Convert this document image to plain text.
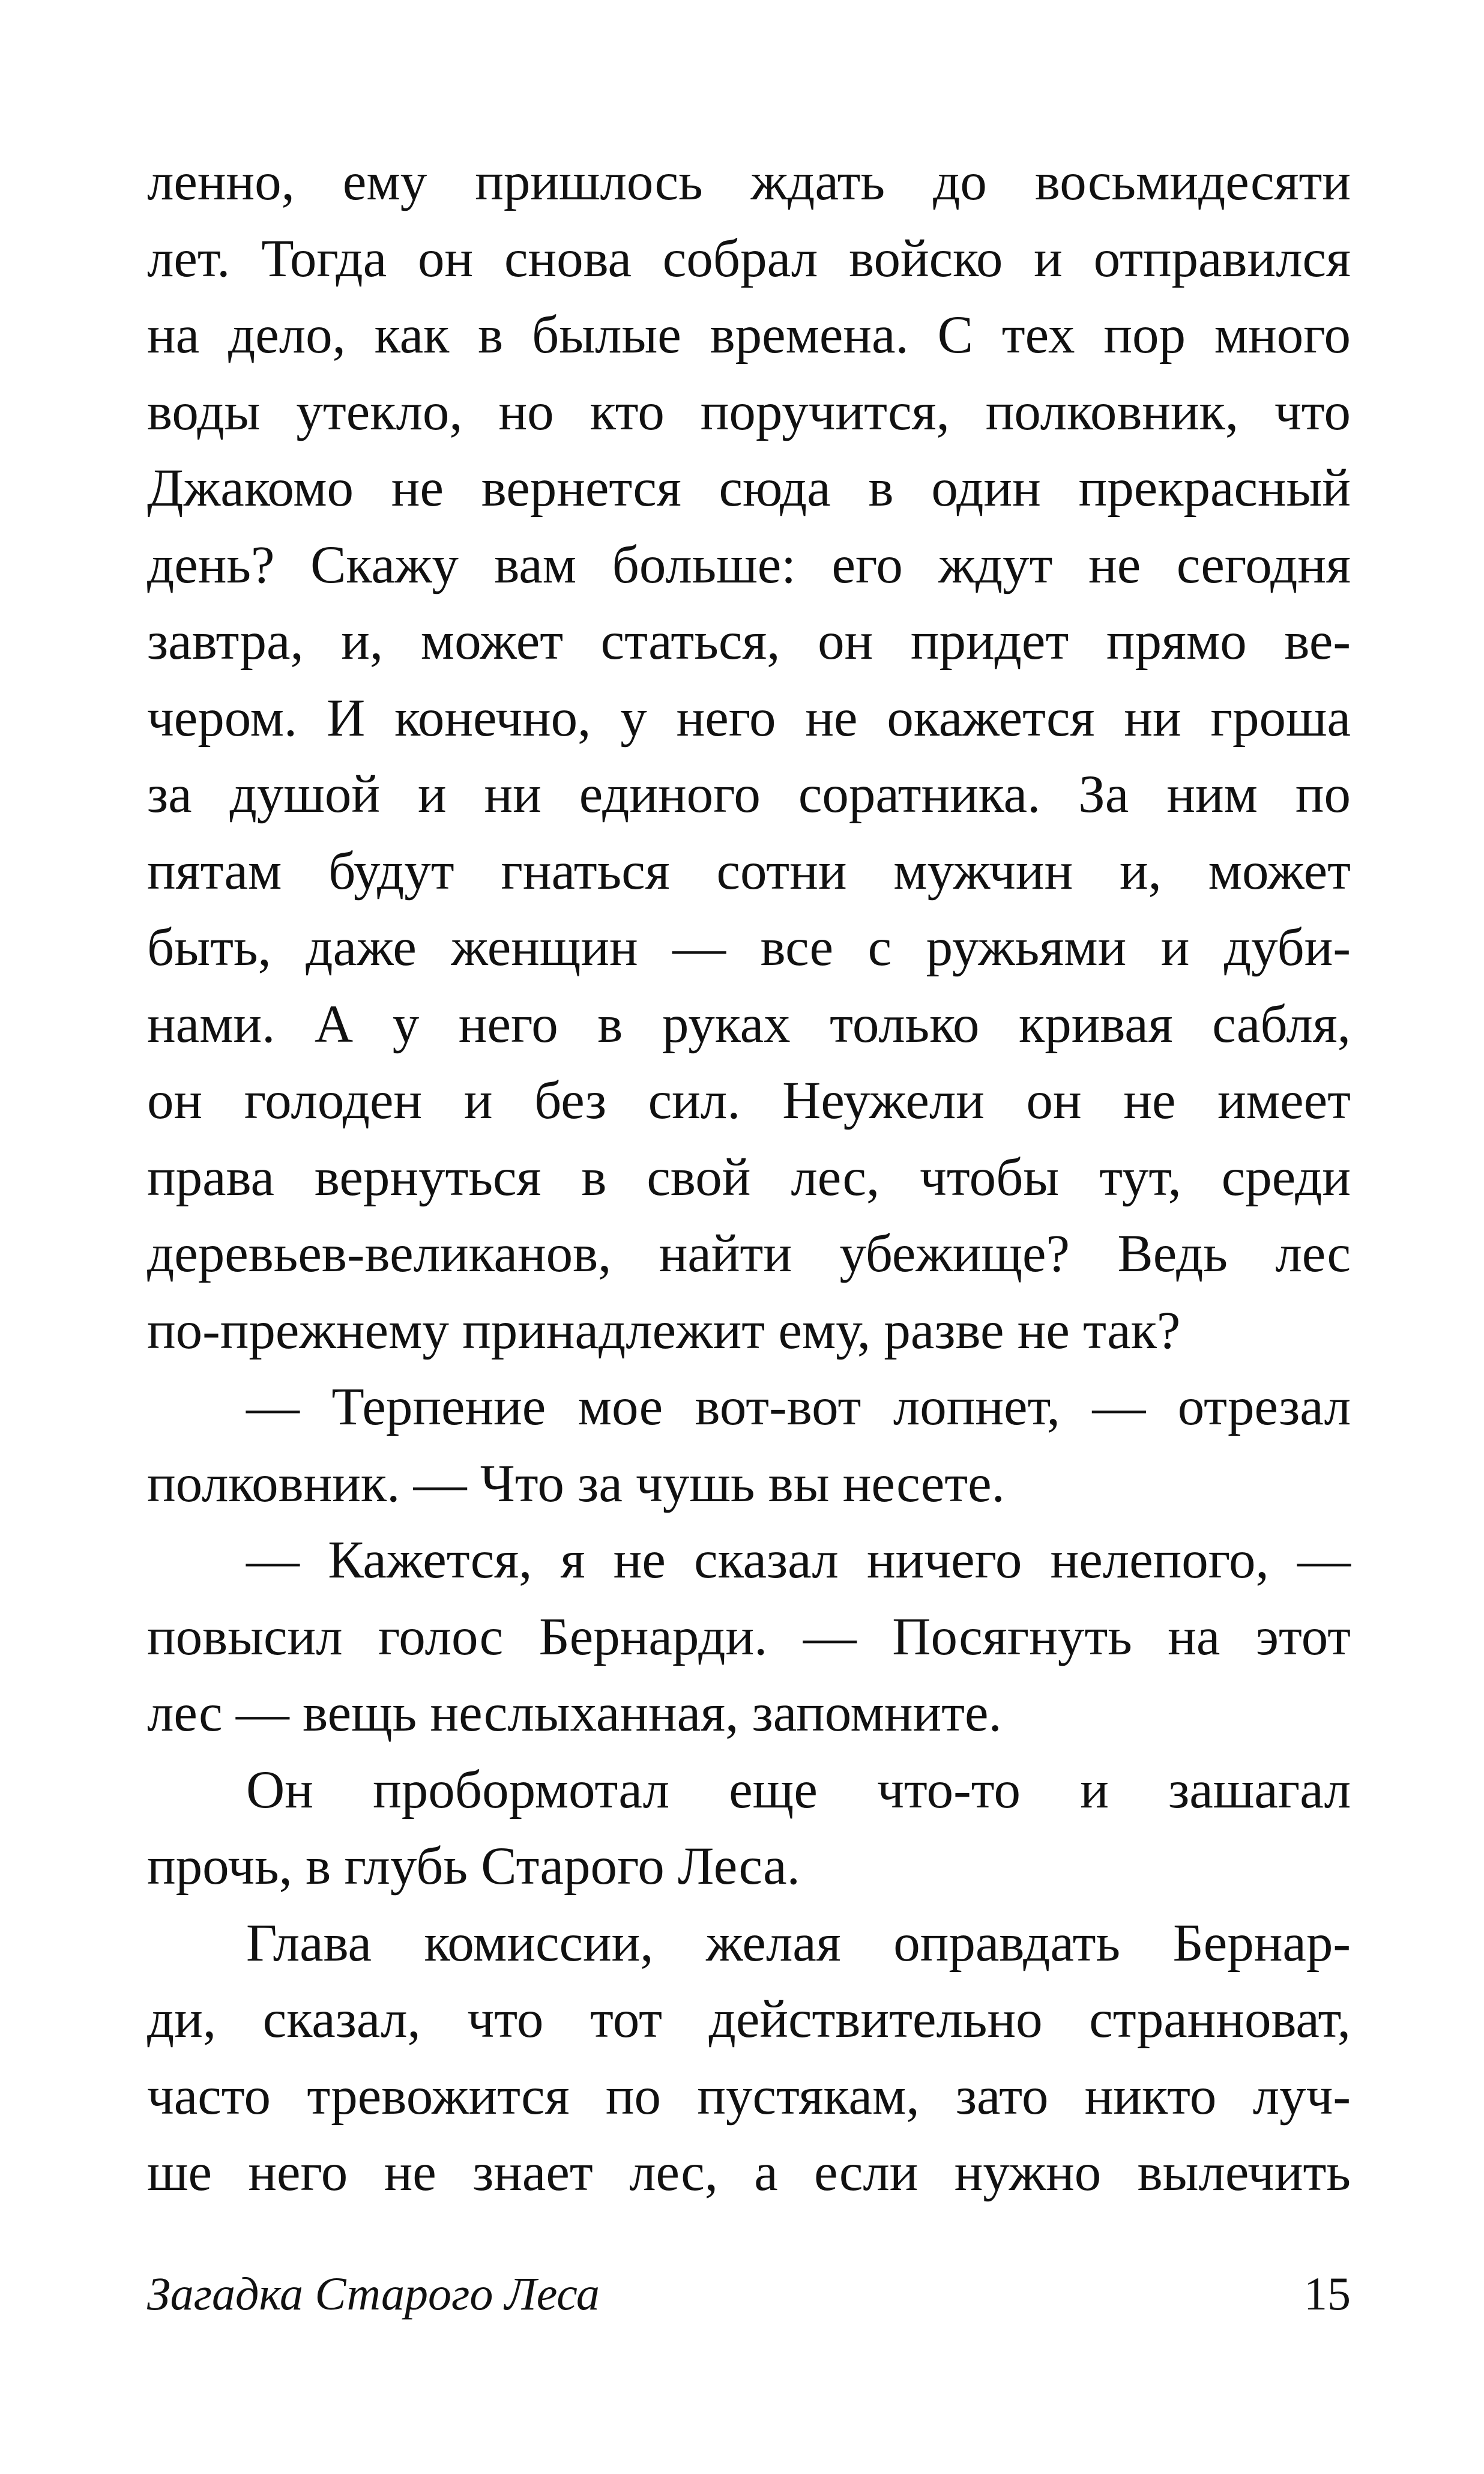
ленно, ему пришлось ждать до восьмидесяти
лет. Тогда он снова собрал войско и отправился
на дело, как в былые времена. С тех пор много
воды утекло, но кто поручится, полковник, что
Джакомо не вернется сюда в один прекрасный
день? Скажу вам больше: его ждут не сегодня
завтра, и, может статься, он придет прямо ве-
чером. И конечно, у него не окажется ни гроша
за душой и ни единого соратника. За ним по
пятам будут гнаться сотни мужчин и, может
быть, даже женщин — все с ружьями и дуби-
нами. А у него в руках только кривая сабля,
он голоден и без сил. Неужели он не имеет
права вернуться в свой лес, чтобы тут, среди
деревьев-великанов, найти убежище? Ведь лес
по-прежнему принадлежит ему, разве не так?

— Терпение мое вот-вот лопнет, — отрезал
полковник. — Что за чушь вы несете.

— Кажется, я не сказал ничего нелепого, —
повысил голос Бернарди. — Посягнуть на этот
лес — вещь неслыханная, запомните.

Он пробормотал еще что-то и зашагал
прочь, в глубь Старого Леса.

Глава комиссии, желая оправдать Бернар-
ди, сказал, что тот действительно странноват,
часто тревожится по пустякам, зато никто луч-
ше него не знает лес, а если нужно вылечить

Загадка Старого Леса	15
